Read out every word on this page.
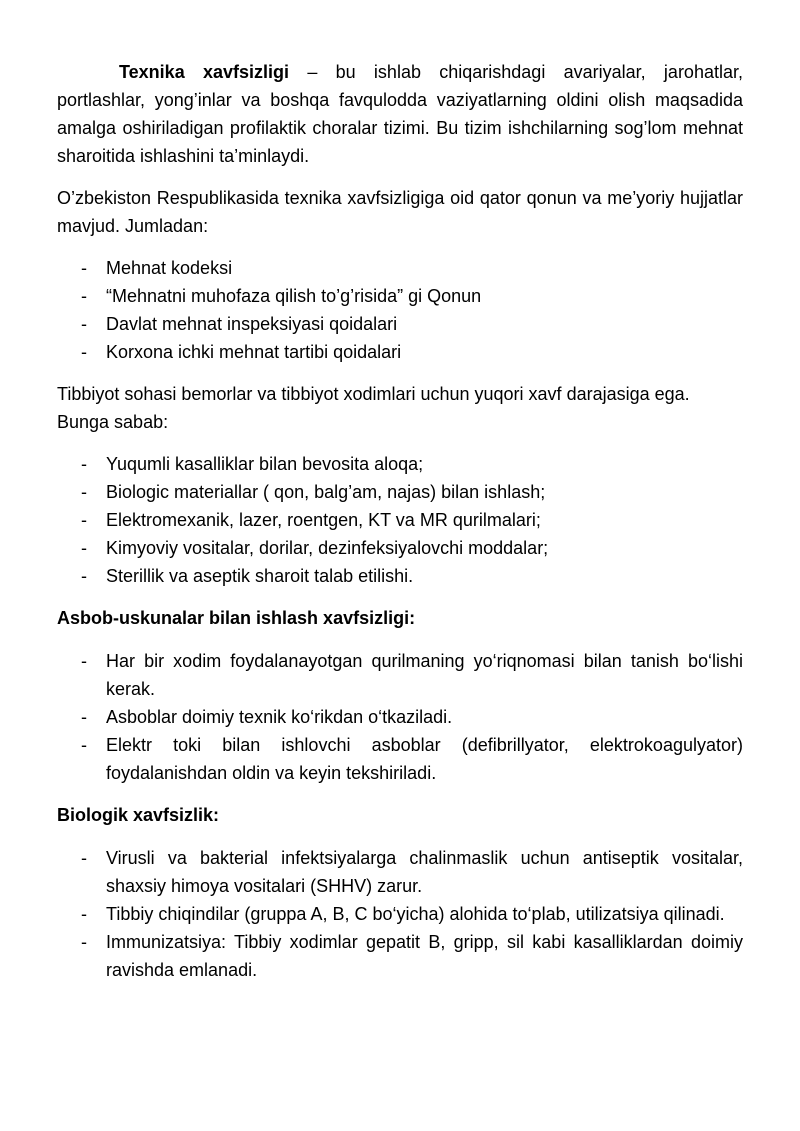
Texnika xavfsizligi – bu ishlab chiqarishdagi avariyalar, jarohatlar, portlashlar, yong’inlar va boshqa favqulodda vaziyatlarning oldini olish maqsadida amalga oshiriladigan profilaktik choralar tizimi. Bu tizim ishchilarning sog’lom mehnat sharoitida ishlashini ta’minlaydi.

O’zbekiston Respublikasida texnika xavfsizligiga oid qator qonun va me’yoriy hujjatlar mavjud. Jumladan:

- Mehnat kodeksi
- “Mehnatni muhofaza qilish to’g’risida” gi Qonun
- Davlat mehnat inspeksiyasi qoidalari
- Korxona ichki mehnat tartibi qoidalari

Tibbiyot sohasi bemorlar va tibbiyot xodimlari uchun yuqori xavf darajasiga ega. Bunga sabab:

- Yuqumli kasalliklar bilan bevosita aloqa;
- Biologic materiallar ( qon, balg’am, najas) bilan ishlash;
- Elektromexanik, lazer, roentgen, KT va MR qurilmalari;
- Kimyoviy vositalar, dorilar, dezinfeksiyalovchi moddalar;
- Sterillik va aseptik sharoit talab etilishi.

Asbob-uskunalar bilan ishlash xavfsizligi:

- Har bir xodim foydalanayotgan qurilmaning yo‘riqnomasi bilan tanish bo‘lishi kerak.
- Asboblar doimiy texnik ko‘rikdan o‘tkaziladi.
- Elektr toki bilan ishlovchi asboblar (defibrillyator, elektrokoagulyator) foydalanishdan oldin va keyin tekshiriladi.

Biologik xavfsizlik:

- Virusli va bakterial infektsiyalarga chalinmaslik uchun antiseptik vositalar, shaxsiy himoya vositalari (SHHV) zarur.
- Tibbiy chiqindilar (gruppa A, B, C bo‘yicha) alohida to‘plab, utilizatsiya qilinadi.
- Immunizatsiya: Tibbiy xodimlar gepatit B, gripp, sil kabi kasalliklardan doimiy ravishda emlanadi.
